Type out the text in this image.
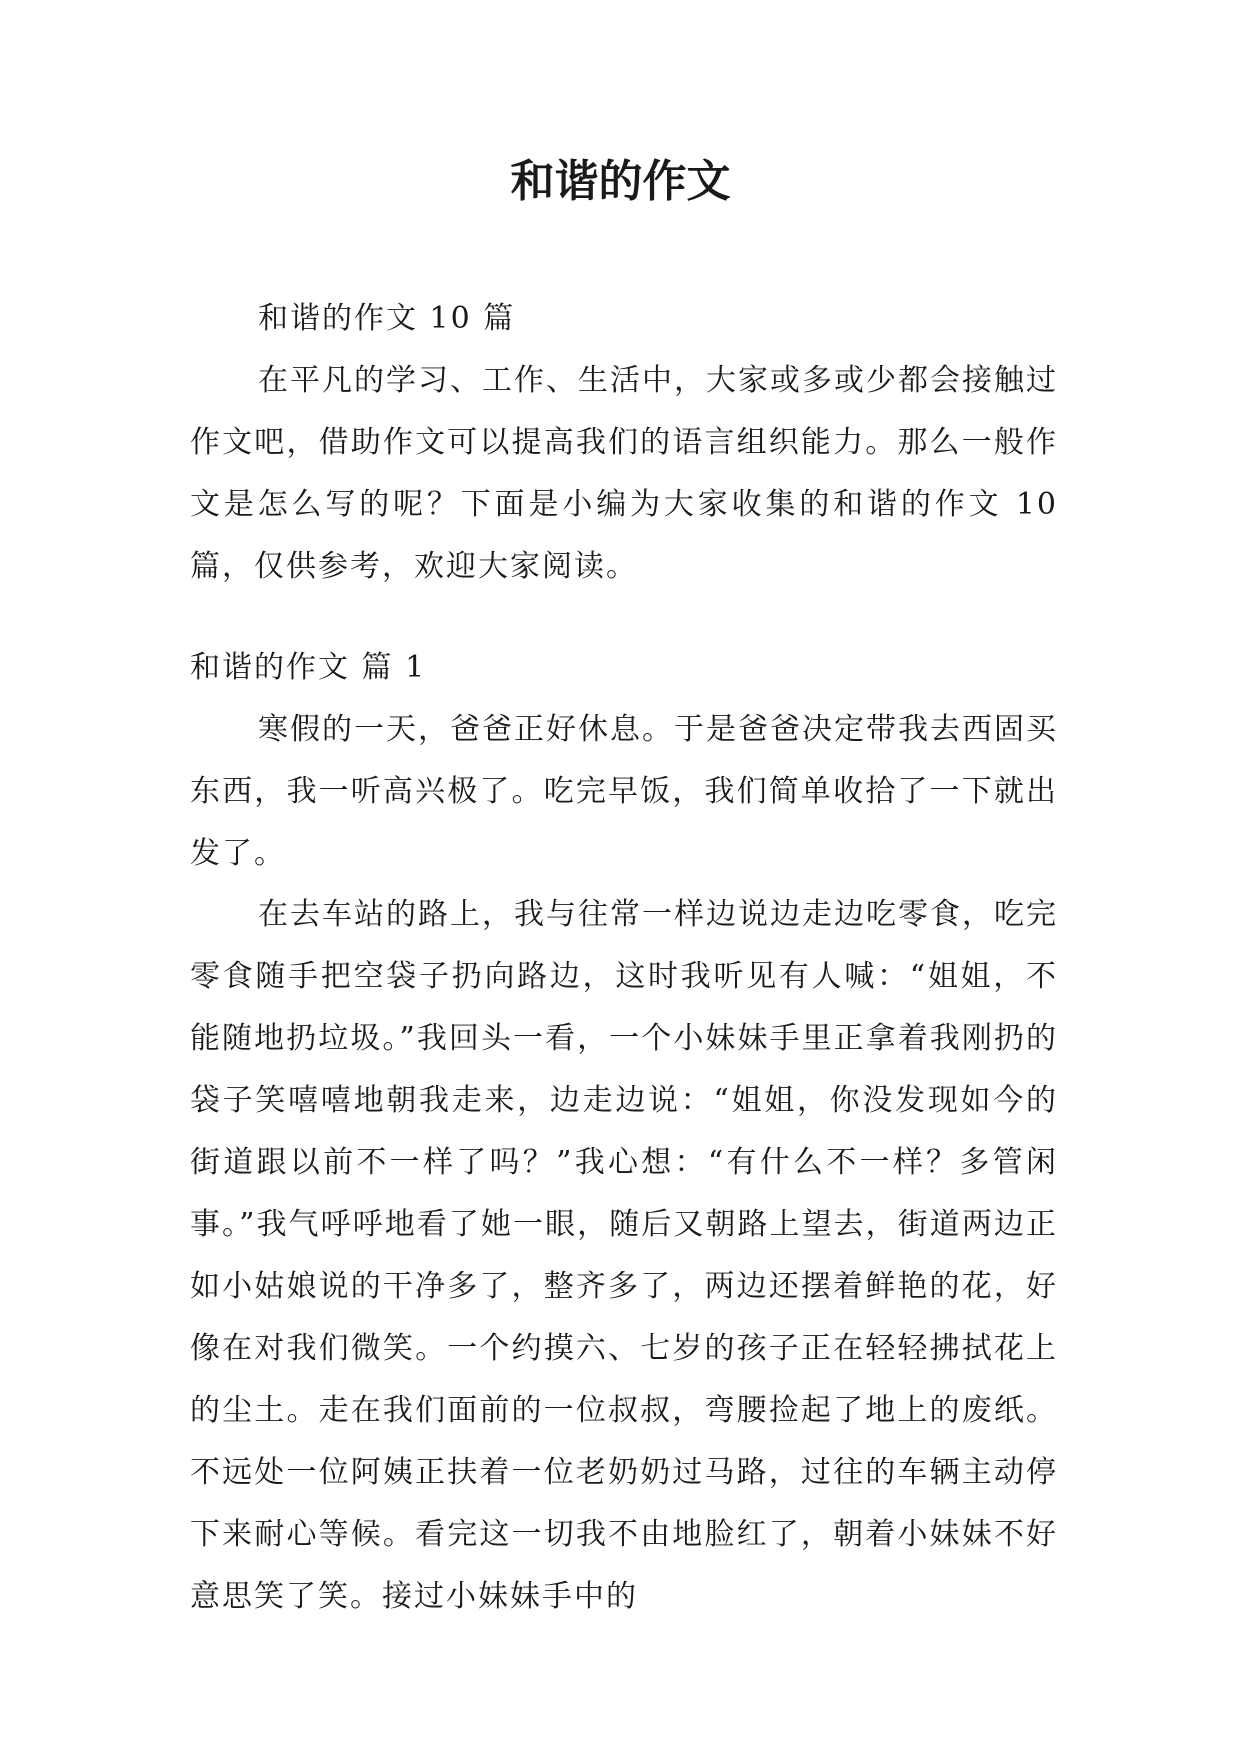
和谐的作文

和谐的作文 10 篇

在平凡的学习、工作、生活中，大家或多或少都会接触过作文吧，借助作文可以提高我们的语言组织能力。那么一般作文是怎么写的呢？下面是小编为大家收集的和谐的作文 10 篇，仅供参考，欢迎大家阅读。

和谐的作文 篇 1

寒假的一天，爸爸正好休息。于是爸爸决定带我去西固买东西，我一听高兴极了。吃完早饭，我们简单收拾了一下就出发了。

在去车站的路上，我与往常一样边说边走边吃零食，吃完零食随手把空袋子扔向路边，这时我听见有人喊：“姐姐，不能随地扔垃圾。”我回头一看，一个小妹妹手里正拿着我刚扔的袋子笑嘻嘻地朝我走来，边走边说：“姐姐，你没发现如今的街道跟以前不一样了吗？”我心想：“有什么不一样？多管闲事。”我气呼呼地看了她一眼，随后又朝路上望去，街道两边正如小姑娘说的干净多了，整齐多了，两边还摆着鲜艳的花，好像在对我们微笑。一个约摸六、七岁的孩子正在轻轻拂拭花上的尘土。走在我们面前的一位叔叔，弯腰捡起了地上的废纸。不远处一位阿姨正扶着一位老奶奶过马路，过往的车辆主动停下来耐心等候。看完这一切我不由地脸红了，朝着小妹妹不好意思笑了笑。接过小妹妹手中的
